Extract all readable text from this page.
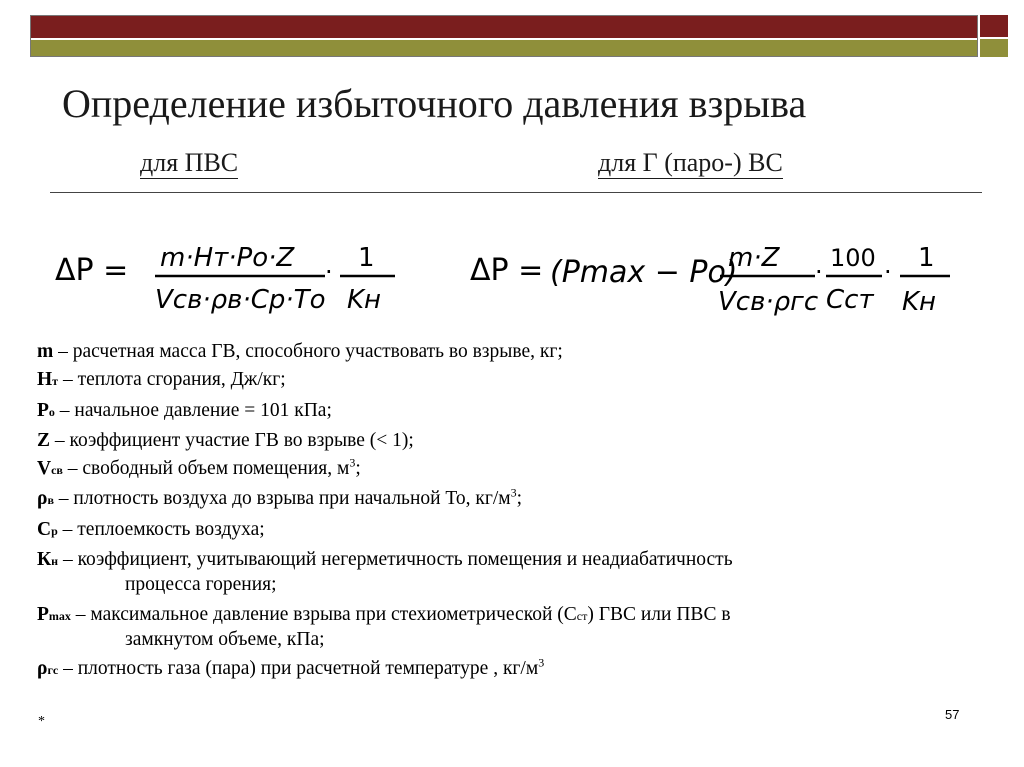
Определение избыточного давления взрыва
для ПВС	для Г (паро-) ВС
ΔP = m·Hт·Pо·Z
Vсв·ρв·Cр·Tо
· 1
Kн
ΔP = (Pmax − Pо)
m·Z
Vсв·ρгс
· 100
Cст
· 1
Kн
m – расчетная масса ГВ, способного участвовать во взрыве, кг;
Нт – теплота сгорания, Дж/кг;
Ро – начальное давление = 101 кПа;
Z – коэффициент участие ГВ во взрыве (< 1);
Vсв – свободный объем помещения, $м^3$;
ρв – плотность воздуха до взрыва при начальной То, $кг/м^3$;
Ср – теплоемкость воздуха;
Кн – коэффициент, учитывающий негерметичность помещения и неадиабатичность
процесса горения;
Рmax – максимальное давление взрыва при стехиометрической (Сст) ГВС или ПВС в
замкнутом объеме, кПа;
ρгс – плотность газа (пара) при расчетной температуре , $кг/м^3$
*	57
